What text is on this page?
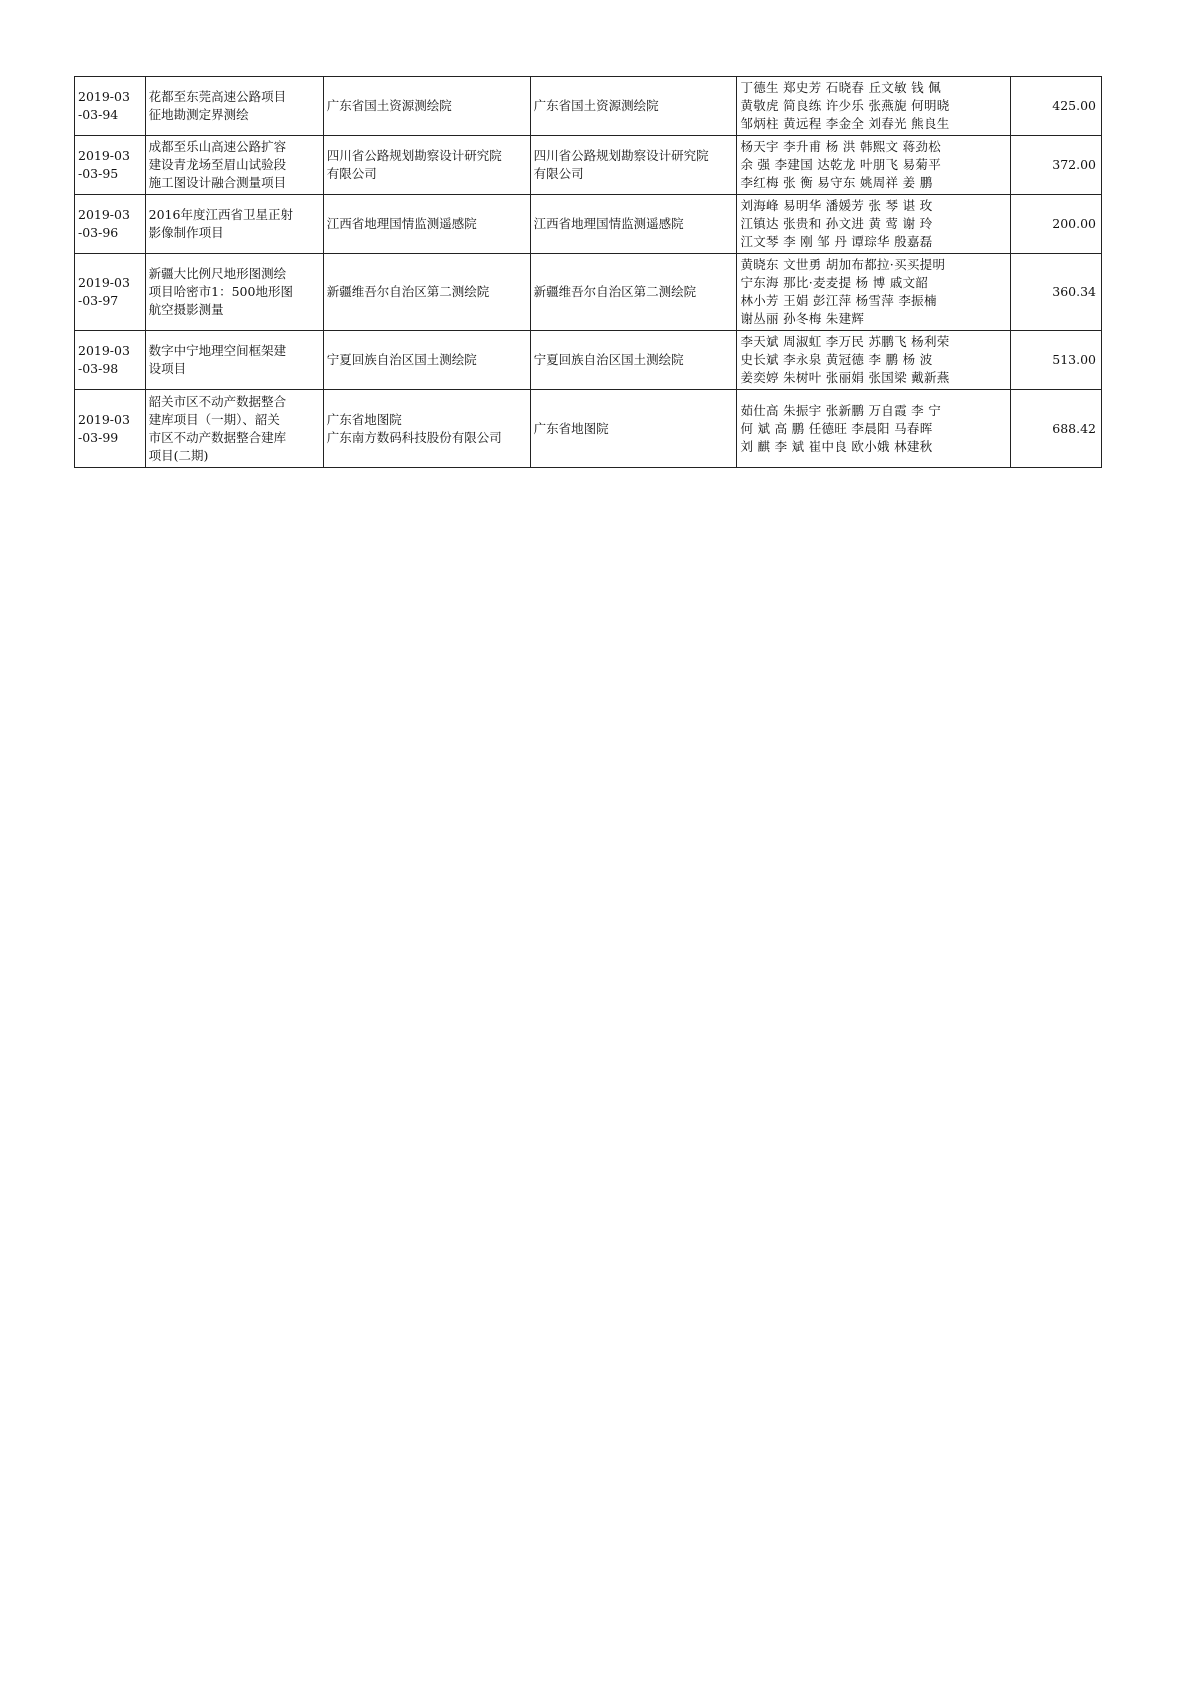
2019-03
-03-94	花都至东莞高速公路项目
征地勘测定界测绘	广东省国土资源测绘院	广东省国土资源测绘院	丁德生 郑史芳 石晓春 丘文敏 钱 佩
黄敬虎 简良练 许少乐 张燕旎 何明晓
邹炳柱 黄远程 李金全 刘春光 熊良生	425.00
2019-03
-03-95	成都至乐山高速公路扩容
建设青龙场至眉山试验段
施工图设计融合测量项目	四川省公路规划勘察设计研究院
有限公司	四川省公路规划勘察设计研究院
有限公司	杨天宇 李升甫 杨 洪 韩熙文 蒋劲松
余 强 李建国 达乾龙 叶朋飞 易菊平
李红梅 张 衡 易守东 姚周祥 姜 鹏	372.00
2019-03
-03-96	2016年度江西省卫星正射
影像制作项目	江西省地理国情监测遥感院	江西省地理国情监测遥感院	刘海峰 易明华 潘媛芳 张 琴 谌 玫
江镇达 张贵和 孙文进 黄 莺 谢 玲
江文琴 李 刚 邹 丹 谭琮华 殷嘉磊	200.00
2019-03
-03-97	新疆大比例尺地形图测绘
项目哈密市1：500地形图
航空摄影测量	新疆维吾尔自治区第二测绘院	新疆维吾尔自治区第二测绘院	黄晓东 文世勇 胡加布都拉·买买提明
宁东海 那比·麦麦提 杨 博 戚文韶
林小芳 王娟 彭江萍 杨雪萍 李振楠
谢丛丽 孙冬梅 朱建辉	360.34
2019-03
-03-98	数字中宁地理空间框架建
设项目	宁夏回族自治区国土测绘院	宁夏回族自治区国土测绘院	李天斌 周淑虹 李万民 苏鹏飞 杨利荣
史长斌 李永泉 黄冠德 李 鹏 杨 波
姜奕婷 朱树叶 张丽娟 张国梁 戴新燕	513.00
2019-03
-03-99	韶关市区不动产数据整合
建库项目（一期）、韶关
市区不动产数据整合建库
项目(二期)	广东省地图院
广东南方数码科技股份有限公司	广东省地图院	茹仕高 朱振宇 张新鹏 万自霞 李 宁
何 斌 高 鹏 任德旺 李晨阳 马春晖
刘 麒 李 斌 崔中良 欧小娥 林建秋	688.42
